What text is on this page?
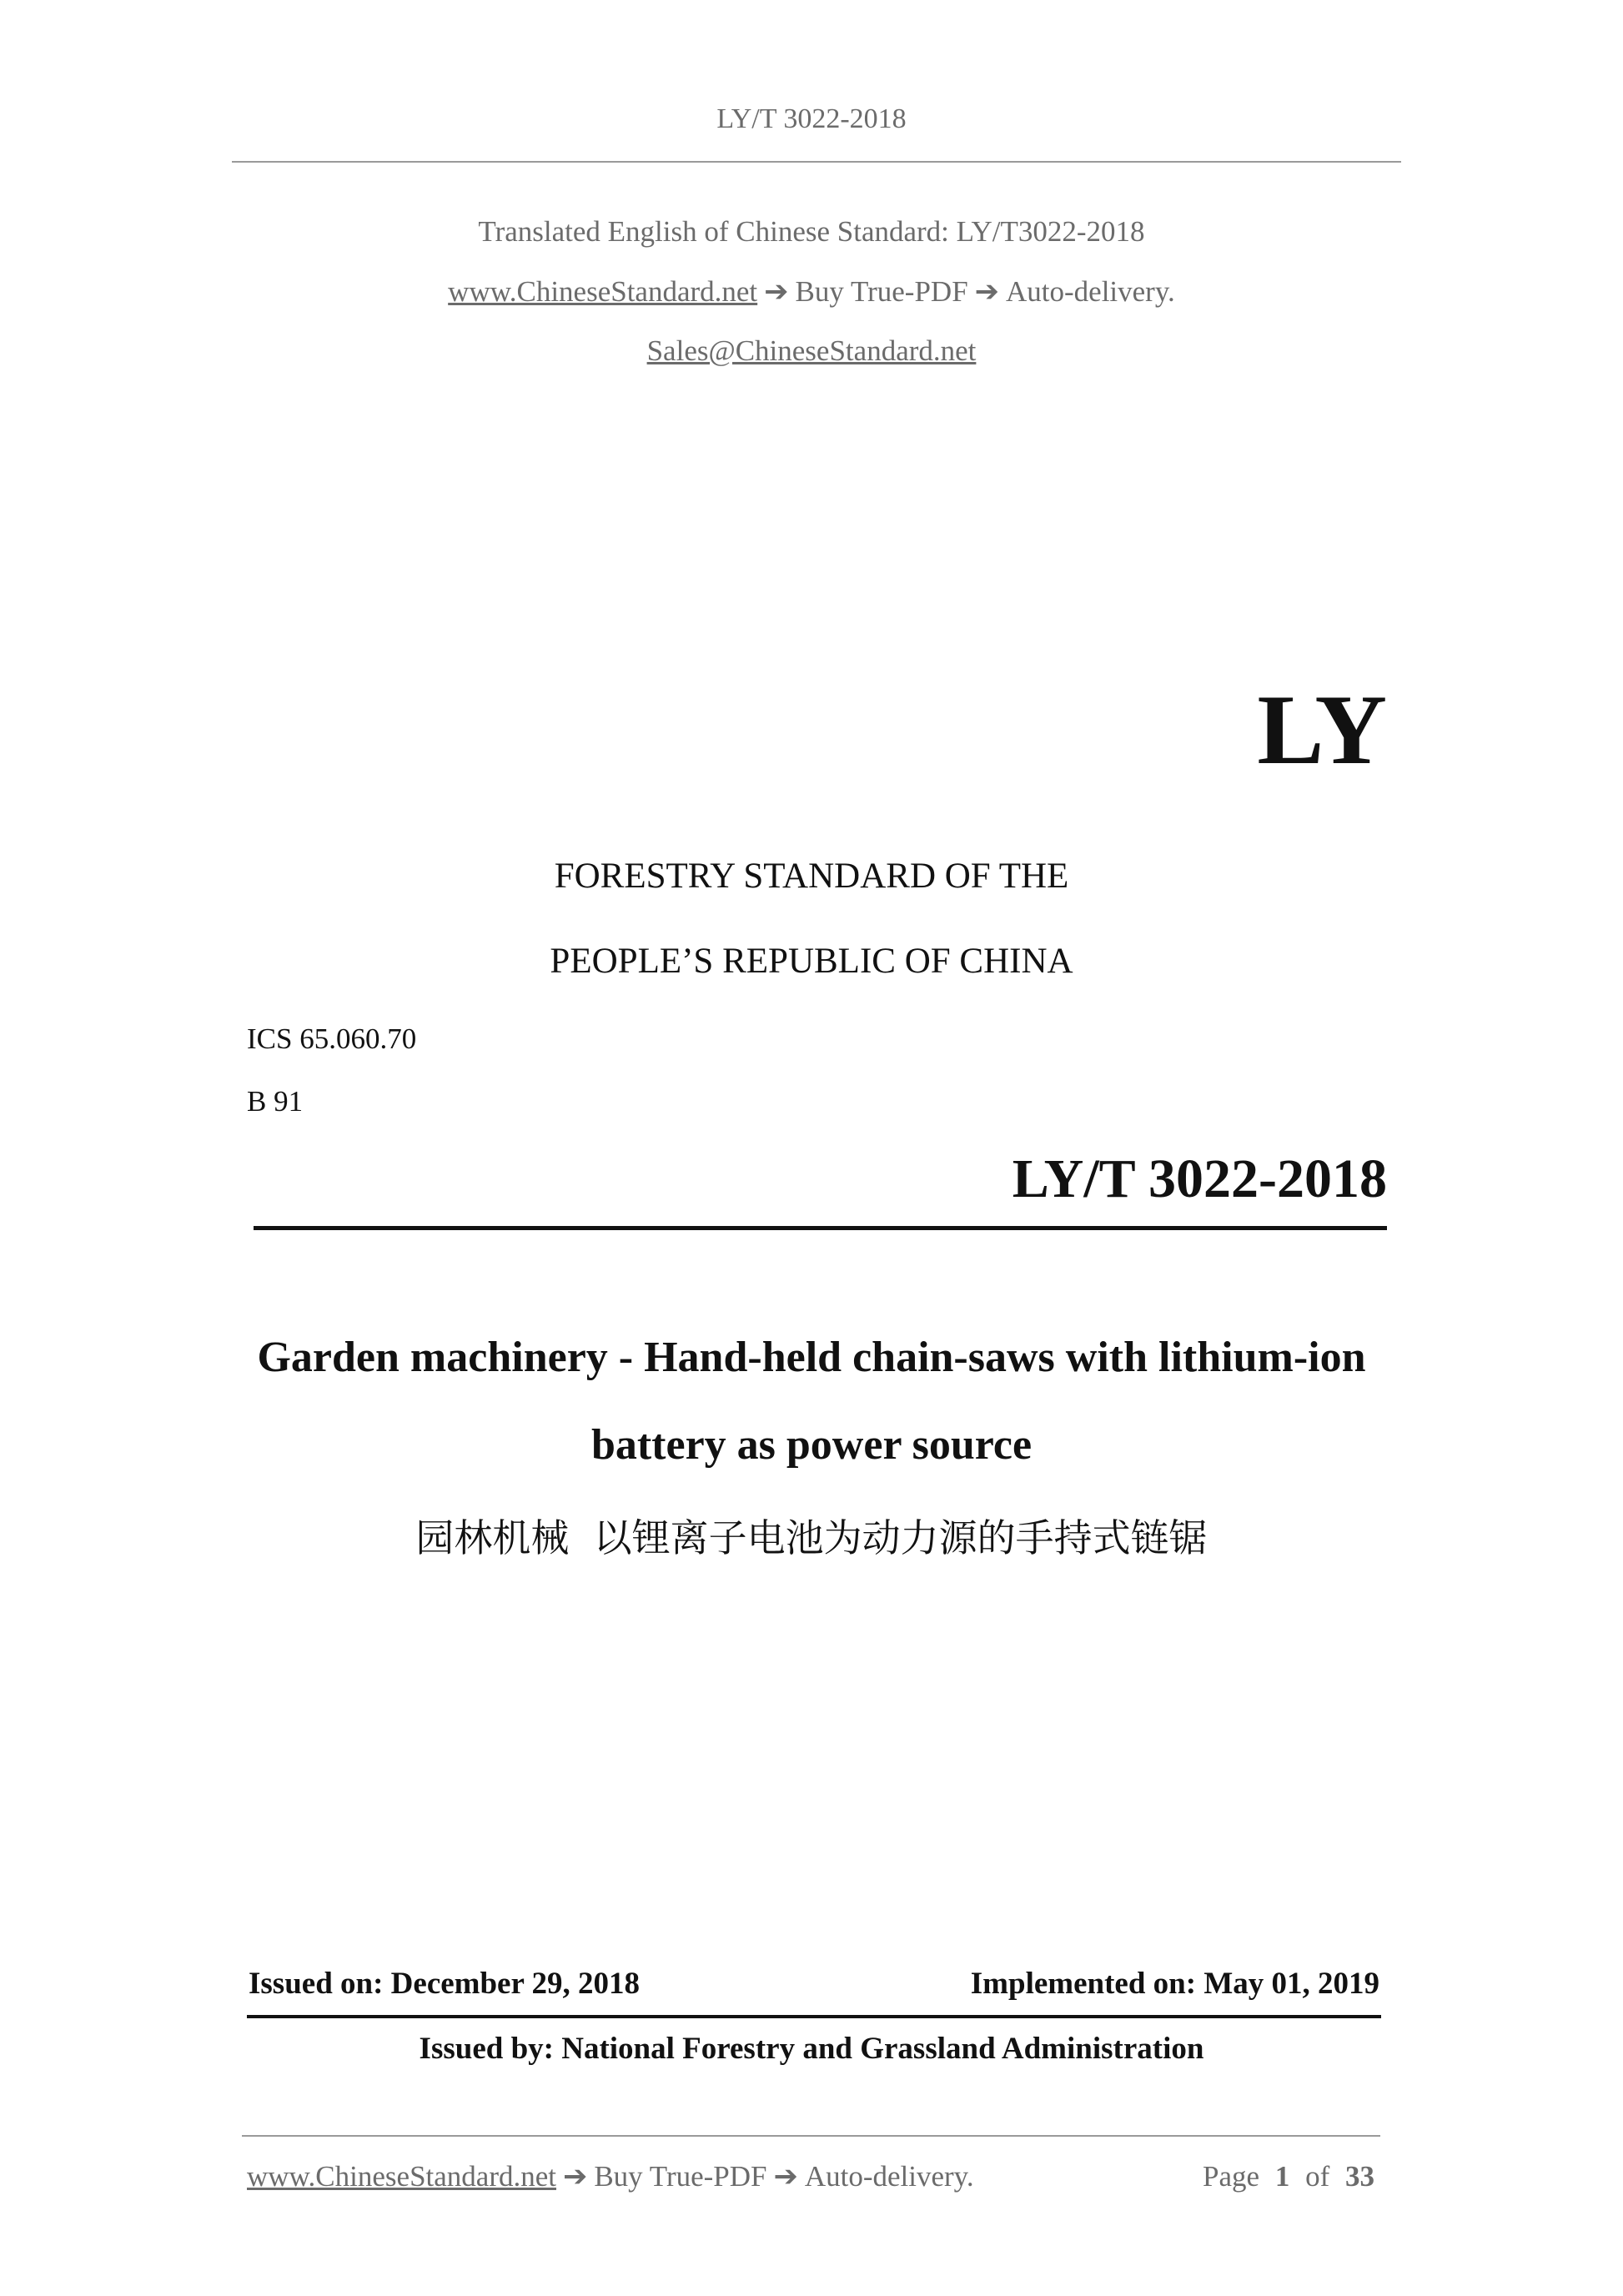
LY/T 3022-2018
Translated English of Chinese Standard: LY/T3022-2018
www.ChineseStandard.net ➔ Buy True-PDF ➔ Auto-delivery.
Sales@ChineseStandard.net
LY
FORESTRY STANDARD OF THE
PEOPLE’S REPUBLIC OF CHINA
ICS 65.060.70
B 91
LY/T 3022-2018
Garden machinery - Hand-held chain-saws with lithium-ion
battery as power source
园林机械  以锂离子电池为动力源的手持式链锯
Issued on: December 29, 2018	Implemented on: May 01, 2019
Issued by: National Forestry and Grassland Administration
www.ChineseStandard.net ➔ Buy True-PDF ➔ Auto-delivery.	Page 1 of 33
